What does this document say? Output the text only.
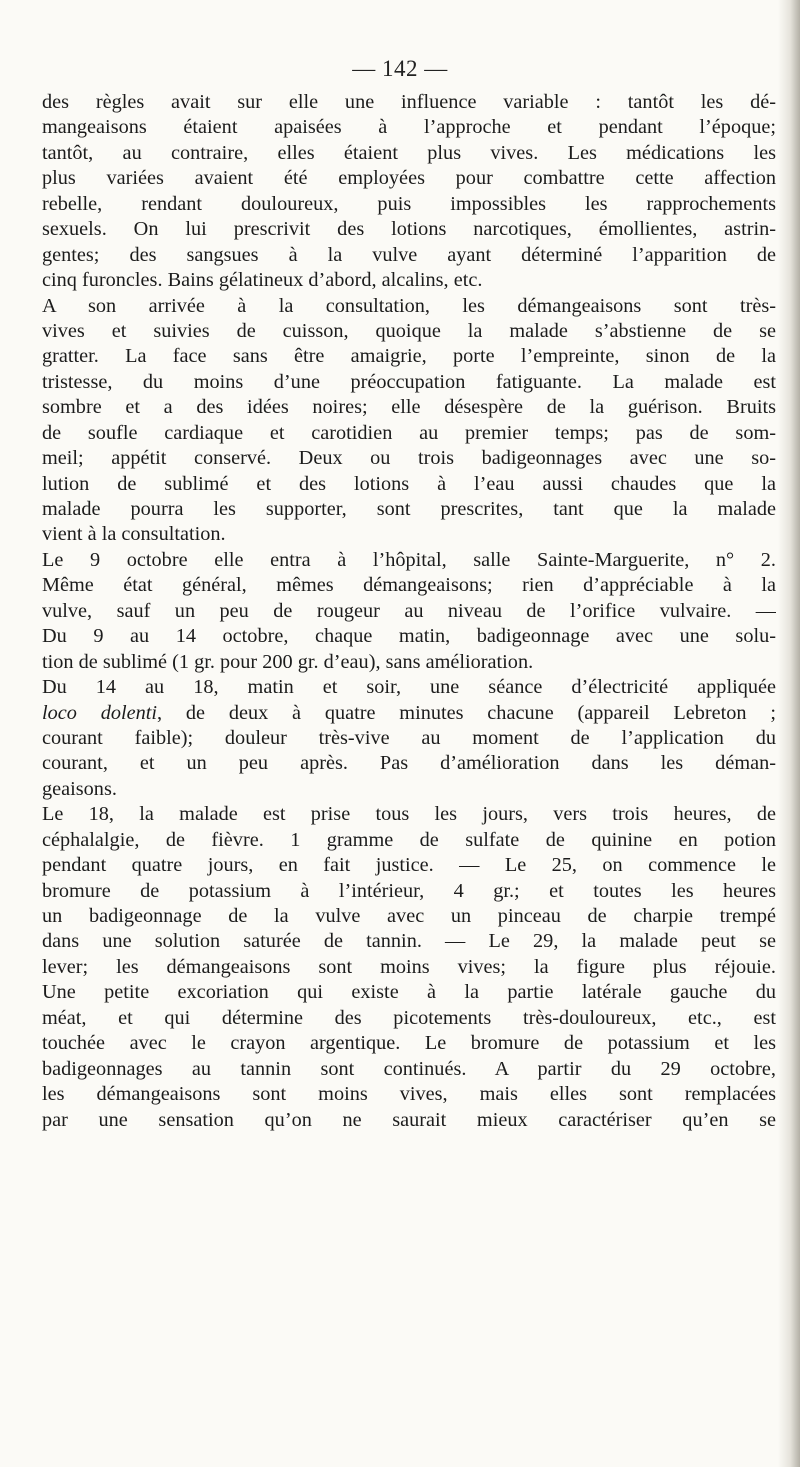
— 142 —
des règles avait sur elle une influence variable : tantôt les dé-
mangeaisons étaient apaisées à l’approche et pendant l’époque;
tantôt, au contraire, elles étaient plus vives. Les médications les
plus variées avaient été employées pour combattre cette affection
rebelle, rendant douloureux, puis impossibles les rapprochements
sexuels. On lui prescrivit des lotions narcotiques, émollientes, astrin-
gentes; des sangsues à la vulve ayant déterminé l’apparition de
cinq furoncles. Bains gélatineux d’abord, alcalins, etc.
A son arrivée à la consultation, les démangeaisons sont très-
vives et suivies de cuisson, quoique la malade s’abstienne de se
gratter. La face sans être amaigrie, porte l’empreinte, sinon de la
tristesse, du moins d’une préoccupation fatiguante. La malade est
sombre et a des idées noires; elle désespère de la guérison. Bruits
de soufle cardiaque et carotidien au premier temps; pas de som-
meil; appétit conservé. Deux ou trois badigeonnages avec une so-
lution de sublimé et des lotions à l’eau aussi chaudes que la
malade pourra les supporter, sont prescrites, tant que la malade
vient à la consultation.
Le 9 octobre elle entra à l’hôpital, salle Sainte-Marguerite, n° 2.
Même état général, mêmes démangeaisons; rien d’appréciable à la
vulve, sauf un peu de rougeur au niveau de l’orifice vulvaire. —
Du 9 au 14 octobre, chaque matin, badigeonnage avec une solu-
tion de sublimé (1 gr. pour 200 gr. d’eau), sans amélioration.
Du 14 au 18, matin et soir, une séance d’électricité appliquée
loco dolenti, de deux à quatre minutes chacune (appareil Lebreton ;
courant faible); douleur très-vive au moment de l’application du
courant, et un peu après. Pas d’amélioration dans les déman-
geaisons.
Le 18, la malade est prise tous les jours, vers trois heures, de
céphalalgie, de fièvre. 1 gramme de sulfate de quinine en potion
pendant quatre jours, en fait justice. — Le 25, on commence le
bromure de potassium à l’intérieur, 4 gr.; et toutes les heures
un badigeonnage de la vulve avec un pinceau de charpie trempé
dans une solution saturée de tannin. — Le 29, la malade peut se
lever; les démangeaisons sont moins vives; la figure plus réjouie.
Une petite excoriation qui existe à la partie latérale gauche du
méat, et qui détermine des picotements très-douloureux, etc., est
touchée avec le crayon argentique. Le bromure de potassium et les
badigeonnages au tannin sont continués. A partir du 29 octobre,
les démangeaisons sont moins vives, mais elles sont remplacées
par une sensation qu’on ne saurait mieux caractériser qu’en se
